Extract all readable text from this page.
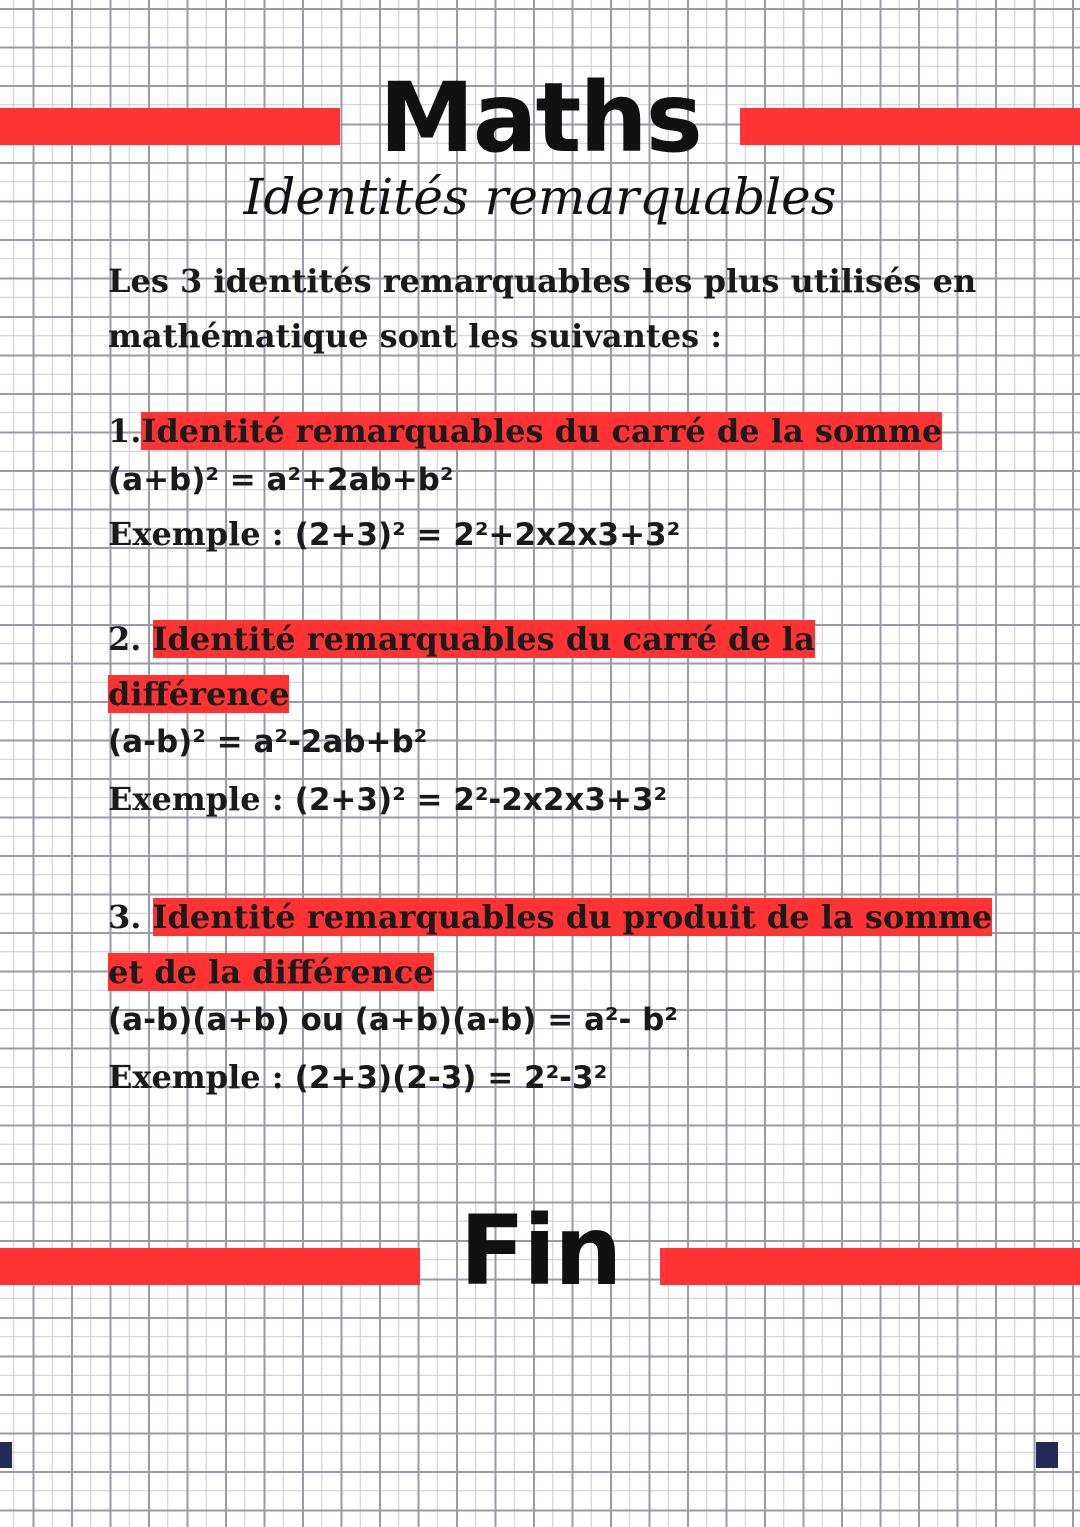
Maths
Identités remarquables
Les 3 identités remarquables les plus utilisés en
mathématique sont les suivantes :
1.Identité remarquables du carré de la somme
(a+b)² = a²+2ab+b²
Exemple : (2+3)² = 2²+2x2x3+3²
2. Identité remarquables du carré de la
différence
(a-b)² = a²-2ab+b²
Exemple : (2+3)² = 2²-2x2x3+3²
3. Identité remarquables du produit de la somme
et de la différence
(a-b)(a+b) ou (a+b)(a-b) = a²- b²
Exemple : (2+3)(2-3) = 2²-3²
Fin
